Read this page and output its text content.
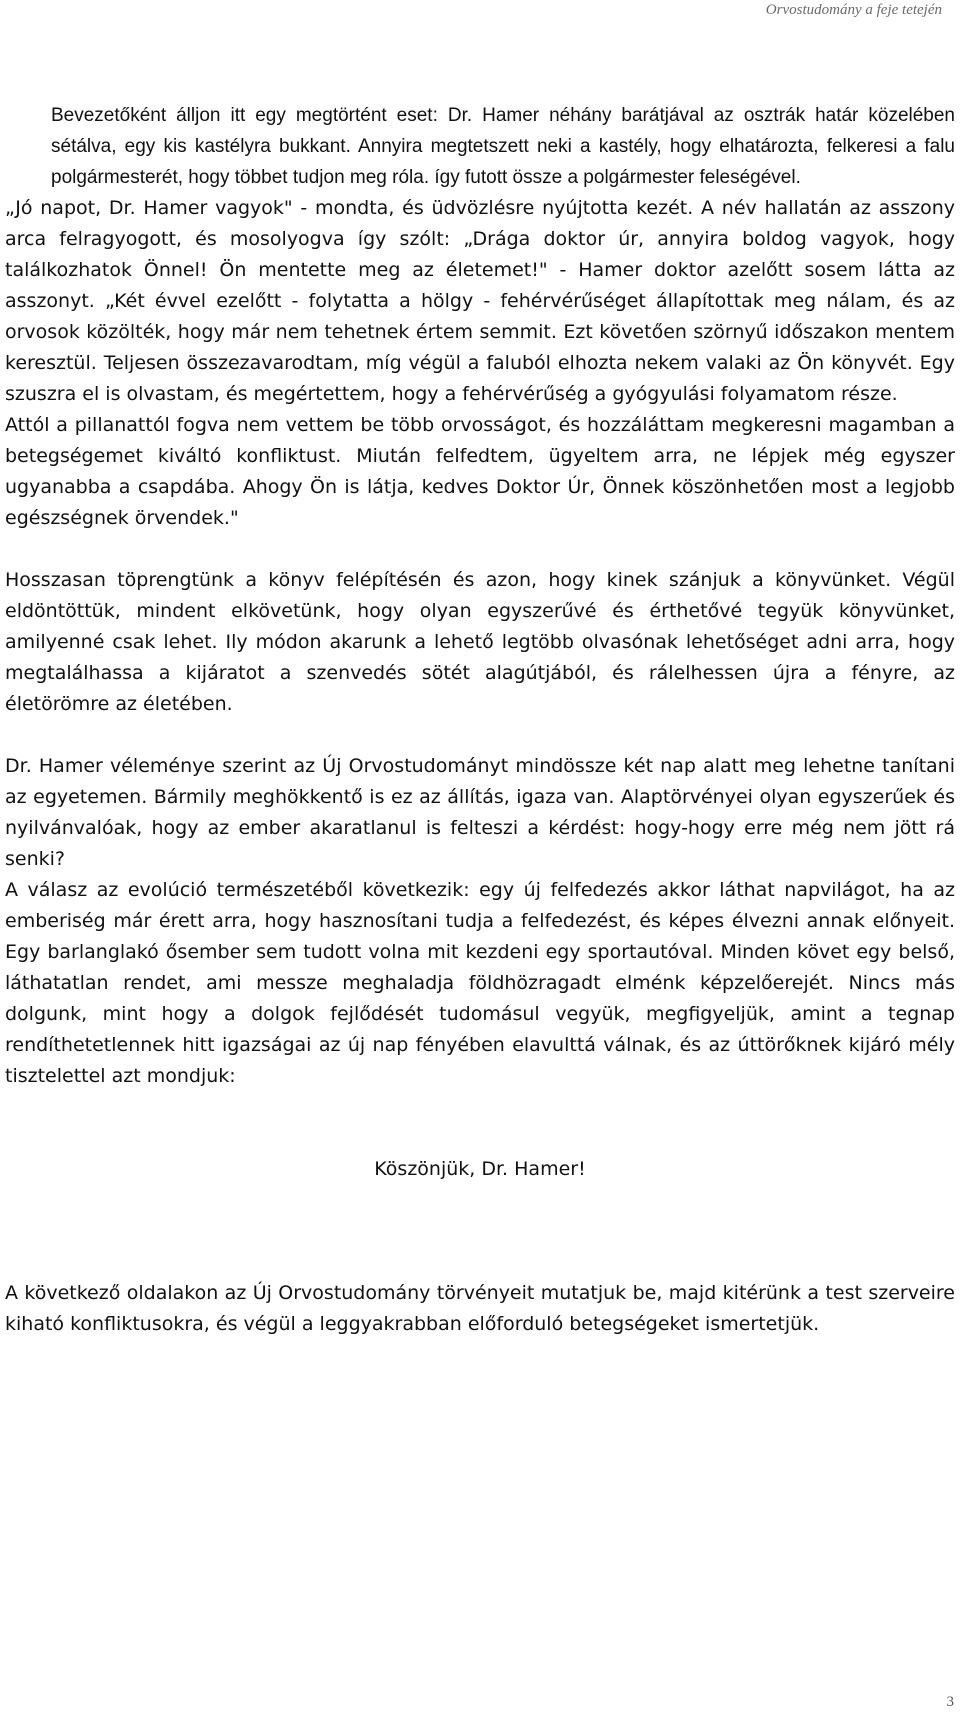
Orvostudomány a feje tetején

Bevezetőként álljon itt egy megtörtént eset: Dr. Hamer néhány barátjával az osztrák határ közelében sétálva, egy kis kastélyra bukkant. Annyira megtetszett neki a kastély, hogy elhatározta, felkeresi a falu polgármesterét, hogy többet tudjon meg róla. így futott össze a polgármester feleségével.

„Jó napot, Dr. Hamer vagyok" - mondta, és üdvözlésre nyújtotta kezét. A név hallatán az asszony arca felragyogott, és mosolyogva így szólt: „Drága doktor úr, annyira boldog vagyok, hogy találkozhatok Önnel! Ön mentette meg az életemet!" - Hamer doktor azelőtt sosem látta az asszonyt. „Két évvel ezelőtt - folytatta a hölgy - fehérvérűséget állapítottak meg nálam, és az orvosok közölték, hogy már nem tehetnek értem semmit. Ezt követően szörnyű időszakon mentem keresztül. Teljesen összezavarodtam, míg végül a faluból elhozta nekem valaki az Ön könyvét. Egy szuszra el is olvastam, és megértettem, hogy a fehérvérűség a gyógyulási folyamatom része.

Attól a pillanattól fogva nem vettem be több orvosságot, és hozzáláttam megkeresni magamban a betegségemet kiváltó konfliktust. Miután felfedtem, ügyeltem arra, ne lépjek még egyszer ugyanabba a csapdába. Ahogy Ön is látja, kedves Doktor Úr, Önnek köszönhetően most a legjobb egészségnek örvendek."

Hosszasan töprengtünk a könyv felépítésén és azon, hogy kinek szánjuk a könyvünket. Végül eldöntöttük, mindent elkövetünk, hogy olyan egyszerűvé és érthetővé tegyük könyvünket, amilyenné csak lehet. Ily módon akarunk a lehető legtöbb olvasónak lehetőséget adni arra, hogy megtalálhassa a kijáratot a szenvedés sötét alagútjából, és rálelhessen újra a fényre, az életörömre az életében.

Dr. Hamer véleménye szerint az Új Orvostudományt mindössze két nap alatt meg lehetne tanítani az egyetemen. Bármily meghökkentő is ez az állítás, igaza van. Alaptörvényei olyan egyszerűek és nyilvánvalóak, hogy az ember akaratlanul is felteszi a kérdést: hogy-hogy erre még nem jött rá senki?

A válasz az evolúció természetéből következik: egy új felfedezés akkor láthat napvilágot, ha az emberiség már érett arra, hogy hasznosítani tudja a felfedezést, és képes élvezni annak előnyeit. Egy barlanglakó ősember sem tudott volna mit kezdeni egy sportautóval. Minden követ egy belső, láthatatlan rendet, ami messze meghaladja földhözragadt elménk képzelőerejét. Nincs más dolgunk, mint hogy a dolgok fejlődését tudomásul vegyük, megfigyeljük, amint a tegnap rendíthetetlennek hitt igazságai az új nap fényében elavulttá válnak, és az úttörőknek kijáró mély tisztelettel azt mondjuk:

Köszönjük, Dr. Hamer!

A következő oldalakon az Új Orvostudomány törvényeit mutatjuk be, majd kitérünk a test szerveire kiható konfliktusokra, és végül a leggyakrabban előforduló betegségeket ismertetjük.

3
